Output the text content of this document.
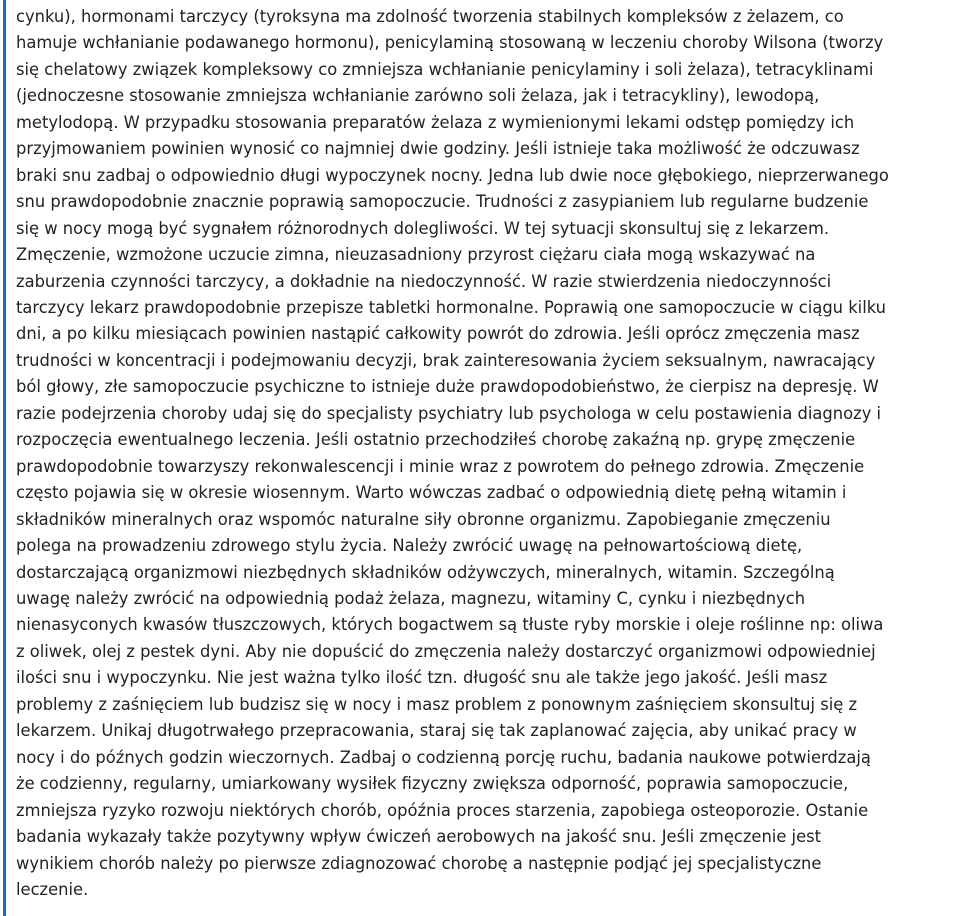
cynku), hormonami tarczycy (tyroksyna ma zdolność tworzenia stabilnych kompleksów z żelazem, co
hamuje wchłanianie podawanego hormonu), penicylaminą stosowaną w leczeniu choroby Wilsona (tworzy
się chelatowy związek kompleksowy co zmniejsza wchłanianie penicylaminy i soli żelaza), tetracyklinami
(jednoczesne stosowanie zmniejsza wchłanianie zarówno soli żelaza, jak i tetracykliny), lewodopą,
metylodopą. W przypadku stosowania preparatów żelaza z wymienionymi lekami odstęp pomiędzy ich
przyjmowaniem powinien wynosić co najmniej dwie godziny. Jeśli istnieje taka możliwość że odczuwasz
braki snu zadbaj o odpowiednio długi wypoczynek nocny. Jedna lub dwie noce głębokiego, nieprzerwanego
snu prawdopodobnie znacznie poprawią samopoczucie. Trudności z zasypianiem lub regularne budzenie
się w nocy mogą być sygnałem różnorodnych dolegliwości. W tej sytuacji skonsultuj się z lekarzem.
Zmęczenie, wzmożone uczucie zimna, nieuzasadniony przyrost ciężaru ciała mogą wskazywać na
zaburzenia czynności tarczycy, a dokładnie na niedoczynność. W razie stwierdzenia niedoczynności
tarczycy lekarz prawdopodobnie przepisze tabletki hormonalne. Poprawią one samopoczucie w ciągu kilku
dni, a po kilku miesiącach powinien nastąpić całkowity powrót do zdrowia. Jeśli oprócz zmęczenia masz
trudności w koncentracji i podejmowaniu decyzji, brak zainteresowania życiem seksualnym, nawracający
ból głowy, złe samopoczucie psychiczne to istnieje duże prawdopodobieństwo, że cierpisz na depresję. W
razie podejrzenia choroby udaj się do specjalisty psychiatry lub psychologa w celu postawienia diagnozy i
rozpoczęcia ewentualnego leczenia. Jeśli ostatnio przechodziłeś chorobę zakaźną np. grypę zmęczenie
prawdopodobnie towarzyszy rekonwalescencji i minie wraz z powrotem do pełnego zdrowia. Zmęczenie
często pojawia się w okresie wiosennym. Warto wówczas zadbać o odpowiednią dietę pełną witamin i
składników mineralnych oraz wspomóc naturalne siły obronne organizmu. Zapobieganie zmęczeniu
polega na prowadzeniu zdrowego stylu życia. Należy zwrócić uwagę na pełnowartościową dietę,
dostarczającą organizmowi niezbędnych składników odżywczych, mineralnych, witamin. Szczególną
uwagę należy zwrócić na odpowiednią podaż żelaza, magnezu, witaminy C, cynku i niezbędnych
nienasyconych kwasów tłuszczowych, których bogactwem są tłuste ryby morskie i oleje roślinne np: oliwa
z oliwek, olej z pestek dyni. Aby nie dopuścić do zmęczenia należy dostarczyć organizmowi odpowiedniej
ilości snu i wypoczynku. Nie jest ważna tylko ilość tzn. długość snu ale także jego jakość. Jeśli masz
problemy z zaśnięciem lub budzisz się w nocy i masz problem z ponownym zaśnięciem skonsultuj się z
lekarzem. Unikaj długotrwałego przepracowania, staraj się tak zaplanować zajęcia, aby unikać pracy w
nocy i do późnych godzin wieczornych. Zadbaj o codzienną porcję ruchu, badania naukowe potwierdzają
że codzienny, regularny, umiarkowany wysiłek fizyczny zwiększa odporność, poprawia samopoczucie,
zmniejsza ryzyko rozwoju niektórych chorób, opóźnia proces starzenia, zapobiega osteoporozie. Ostanie
badania wykazały także pozytywny wpływ ćwiczeń aerobowych na jakość snu. Jeśli zmęczenie jest
wynikiem chorób należy po pierwsze zdiagnozować chorobę a następnie podjąć jej specjalistyczne
leczenie.
